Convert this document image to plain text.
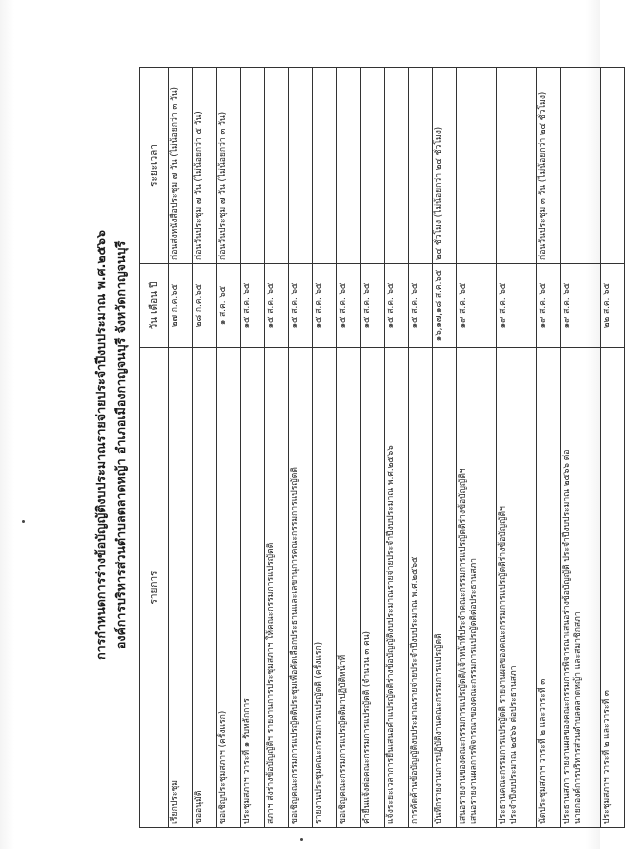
การกำหนดการร่างข้อบัญญัติงบประมาณรายจ่ายประจำปีงบประมาณ พ.ศ.๒๕๖๖ องค์การบริหารส่วนตำบลตลาดหญ้า อำเภอเมืองกาญจนบุรี จังหวัดกาญจนบุรี	รายการ	วัน เดือน ปี	ระยะเวลา
เรียกประชุม	๒๗ ก.ค.๖๕	ก่อนส่งหนังสือประชุม ๗ วัน (ไม่น้อยกว่า ๓ วัน)
ขออนุมัติ	๒๘ ก.ค.๖๕	ก่อนวันประชุม ๗ วัน (ไม่น้อยกว่า ๕ วัน)
ขอเชิญประชุมสภาฯ (ครั้งแรก)	๑ ส.ค. ๖๕	ก่อนวันประชุม ๗ วัน (ไม่น้อยกว่า ๓ วัน)
ประชุมสภาฯ วาระที่ ๑ รับหลักการ	๑๕ ส.ค. ๖๕	
สภาฯ ส่งร่างข้อบัญญัติฯ รายงานการประชุมสภาฯ ให้คณะกรรมการแปรญัตติ	๑๕ ส.ค. ๖๕	
ขอเชิญคณะกรรมการแปรญัตติประชุมเพื่อคัดเลือกประธานและเลขานุการคณะกรรมการแปรญัตติ	๑๕ ส.ค. ๖๕	
รายงานประชุมคณะกรรมการแปรญัตติ (ครั้งแรก)	๑๕ ส.ค. ๖๕	
ขอเชิญคณะกรรมการแปรญัตติมาปฏิบัติหน้าที่	๑๕ ส.ค. ๖๕	
คำยื่นแจ้งต่อคณะกรรมการแปรญัตติ (จำนวน ๓ คน)	๑๕ ส.ค. ๖๕	
แจ้งระยะเวลาการยื่นเสนอคำแปรญัตติร่างข้อบัญญัติงบประมาณรายจ่ายประจำปีงบประมาณ พ.ศ.๒๕๖๖	๑๕ ส.ค. ๖๕	
การคัดค้านข้อบัญญัติงบประมาณรายจ่ายประจำปีงบประมาณ พ.ศ.๒๕๖๕	๑๕ ส.ค. ๖๕	
บันทึกรายงานการปฏิบัติงานคณะกรรมการแปรญัตติ	๑๖,๑๗,๑๘ ส.ค.๖๕	๒๔ ชั่วโมง (ไม่น้อยกว่า ๒๔ ชั่วโมง)

เสนอรายงานของคณะกรรมการแปรญัตติ/เจ้าหน้าที่ประจำคณะกรรมการแปรญัตติร่างข้อบัญญัติฯ เสนอรายงานผลการพิจารณาของคณะกรรมการแปรญัตติต่อประธานสภา	๑๙ ส.ค. ๖๕	

ประธานคณะกรรมการแปรญัตติ รายงานผลของคณะกรรมการแปรญัตติร่างข้อบัญญัติฯ ประจำปีงบประมาณ ๒๕๖๖ ต่อประธานสภา	๑๙ ส.ค. ๖๕	
นัดประชุมสภาฯ วาระที่ ๒ และวาระที่ ๓	๑๙ ส.ค. ๖๕	ก่อนวันประชุม ๓ วัน (ไม่น้อยกว่า ๒๔ ชั่วโมง)

ประธานสภา รายงานผลของคณะกรรมการพิจารณาเสนอร่างข้อบัญญัติ ประจำปีงบประมาณ ๒๕๖๖ ต่อ นายกองค์การบริหารส่วนตำบลตลาดหญ้า และสมาชิกสภา	๑๙ ส.ค. ๖๕	
ประชุมสภาฯ วาระที่ ๒ และวาระที่ ๓	๒๒ ส.ค. ๖๕	
